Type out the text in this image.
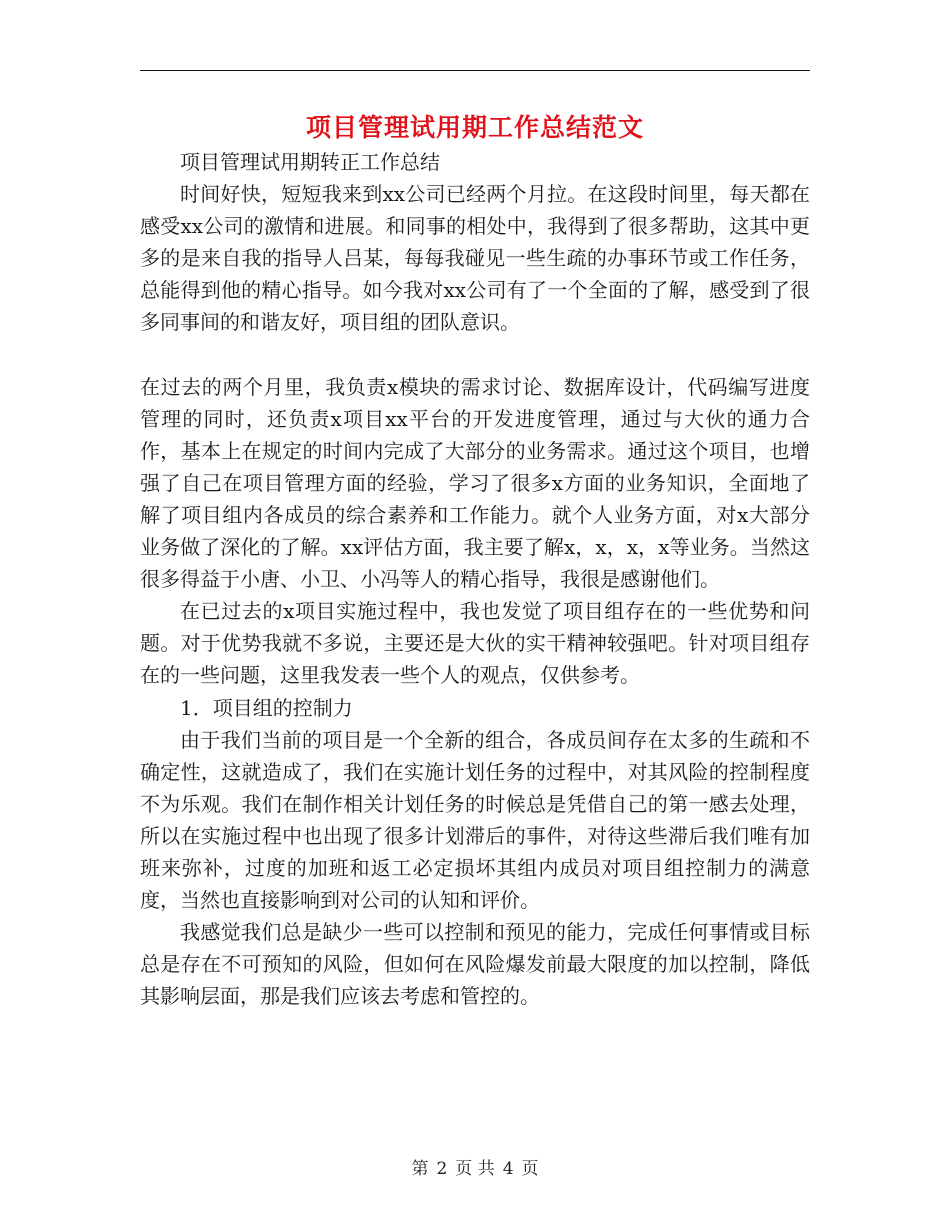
项目管理试用期工作总结范文

项目管理试用期转正工作总结

时间好快，短短我来到xx公司已经两个月拉。在这段时间里，每天都在感受xx公司的激情和进展。和同事的相处中，我得到了很多帮助，这其中更多的是来自我的指导人吕某，每每我碰见一些生疏的办事环节或工作任务，总能得到他的精心指导。如今我对xx公司有了一个全面的了解，感受到了很多同事间的和谐友好，项目组的团队意识。

在过去的两个月里，我负责x模块的需求讨论、数据库设计，代码编写进度管理的同时，还负责x项目xx平台的开发进度管理，通过与大伙的通力合作，基本上在规定的时间内完成了大部分的业务需求。通过这个项目，也增强了自己在项目管理方面的经验，学习了很多x方面的业务知识，全面地了解了项目组内各成员的综合素养和工作能力。就个人业务方面，对x大部分业务做了深化的了解。xx评估方面，我主要了解x，x，x，x等业务。当然这很多得益于小唐、小卫、小冯等人的精心指导，我很是感谢他们。

在已过去的x项目实施过程中，我也发觉了项目组存在的一些优势和问题。对于优势我就不多说，主要还是大伙的实干精神较强吧。针对项目组存在的一些问题，这里我发表一些个人的观点，仅供参考。

1．项目组的控制力

由于我们当前的项目是一个全新的组合，各成员间存在太多的生疏和不确定性，这就造成了，我们在实施计划任务的过程中，对其风险的控制程度不为乐观。我们在制作相关计划任务的时候总是凭借自己的第一感去处理，所以在实施过程中也出现了很多计划滞后的事件，对待这些滞后我们唯有加班来弥补，过度的加班和返工必定损坏其组内成员对项目组控制力的满意度，当然也直接影响到对公司的认知和评价。

我感觉我们总是缺少一些可以控制和预见的能力，完成任何事情或目标总是存在不可预知的风险，但如何在风险爆发前最大限度的加以控制，降低其影响层面，那是我们应该去考虑和管控的。

第 2 页 共 4 页
